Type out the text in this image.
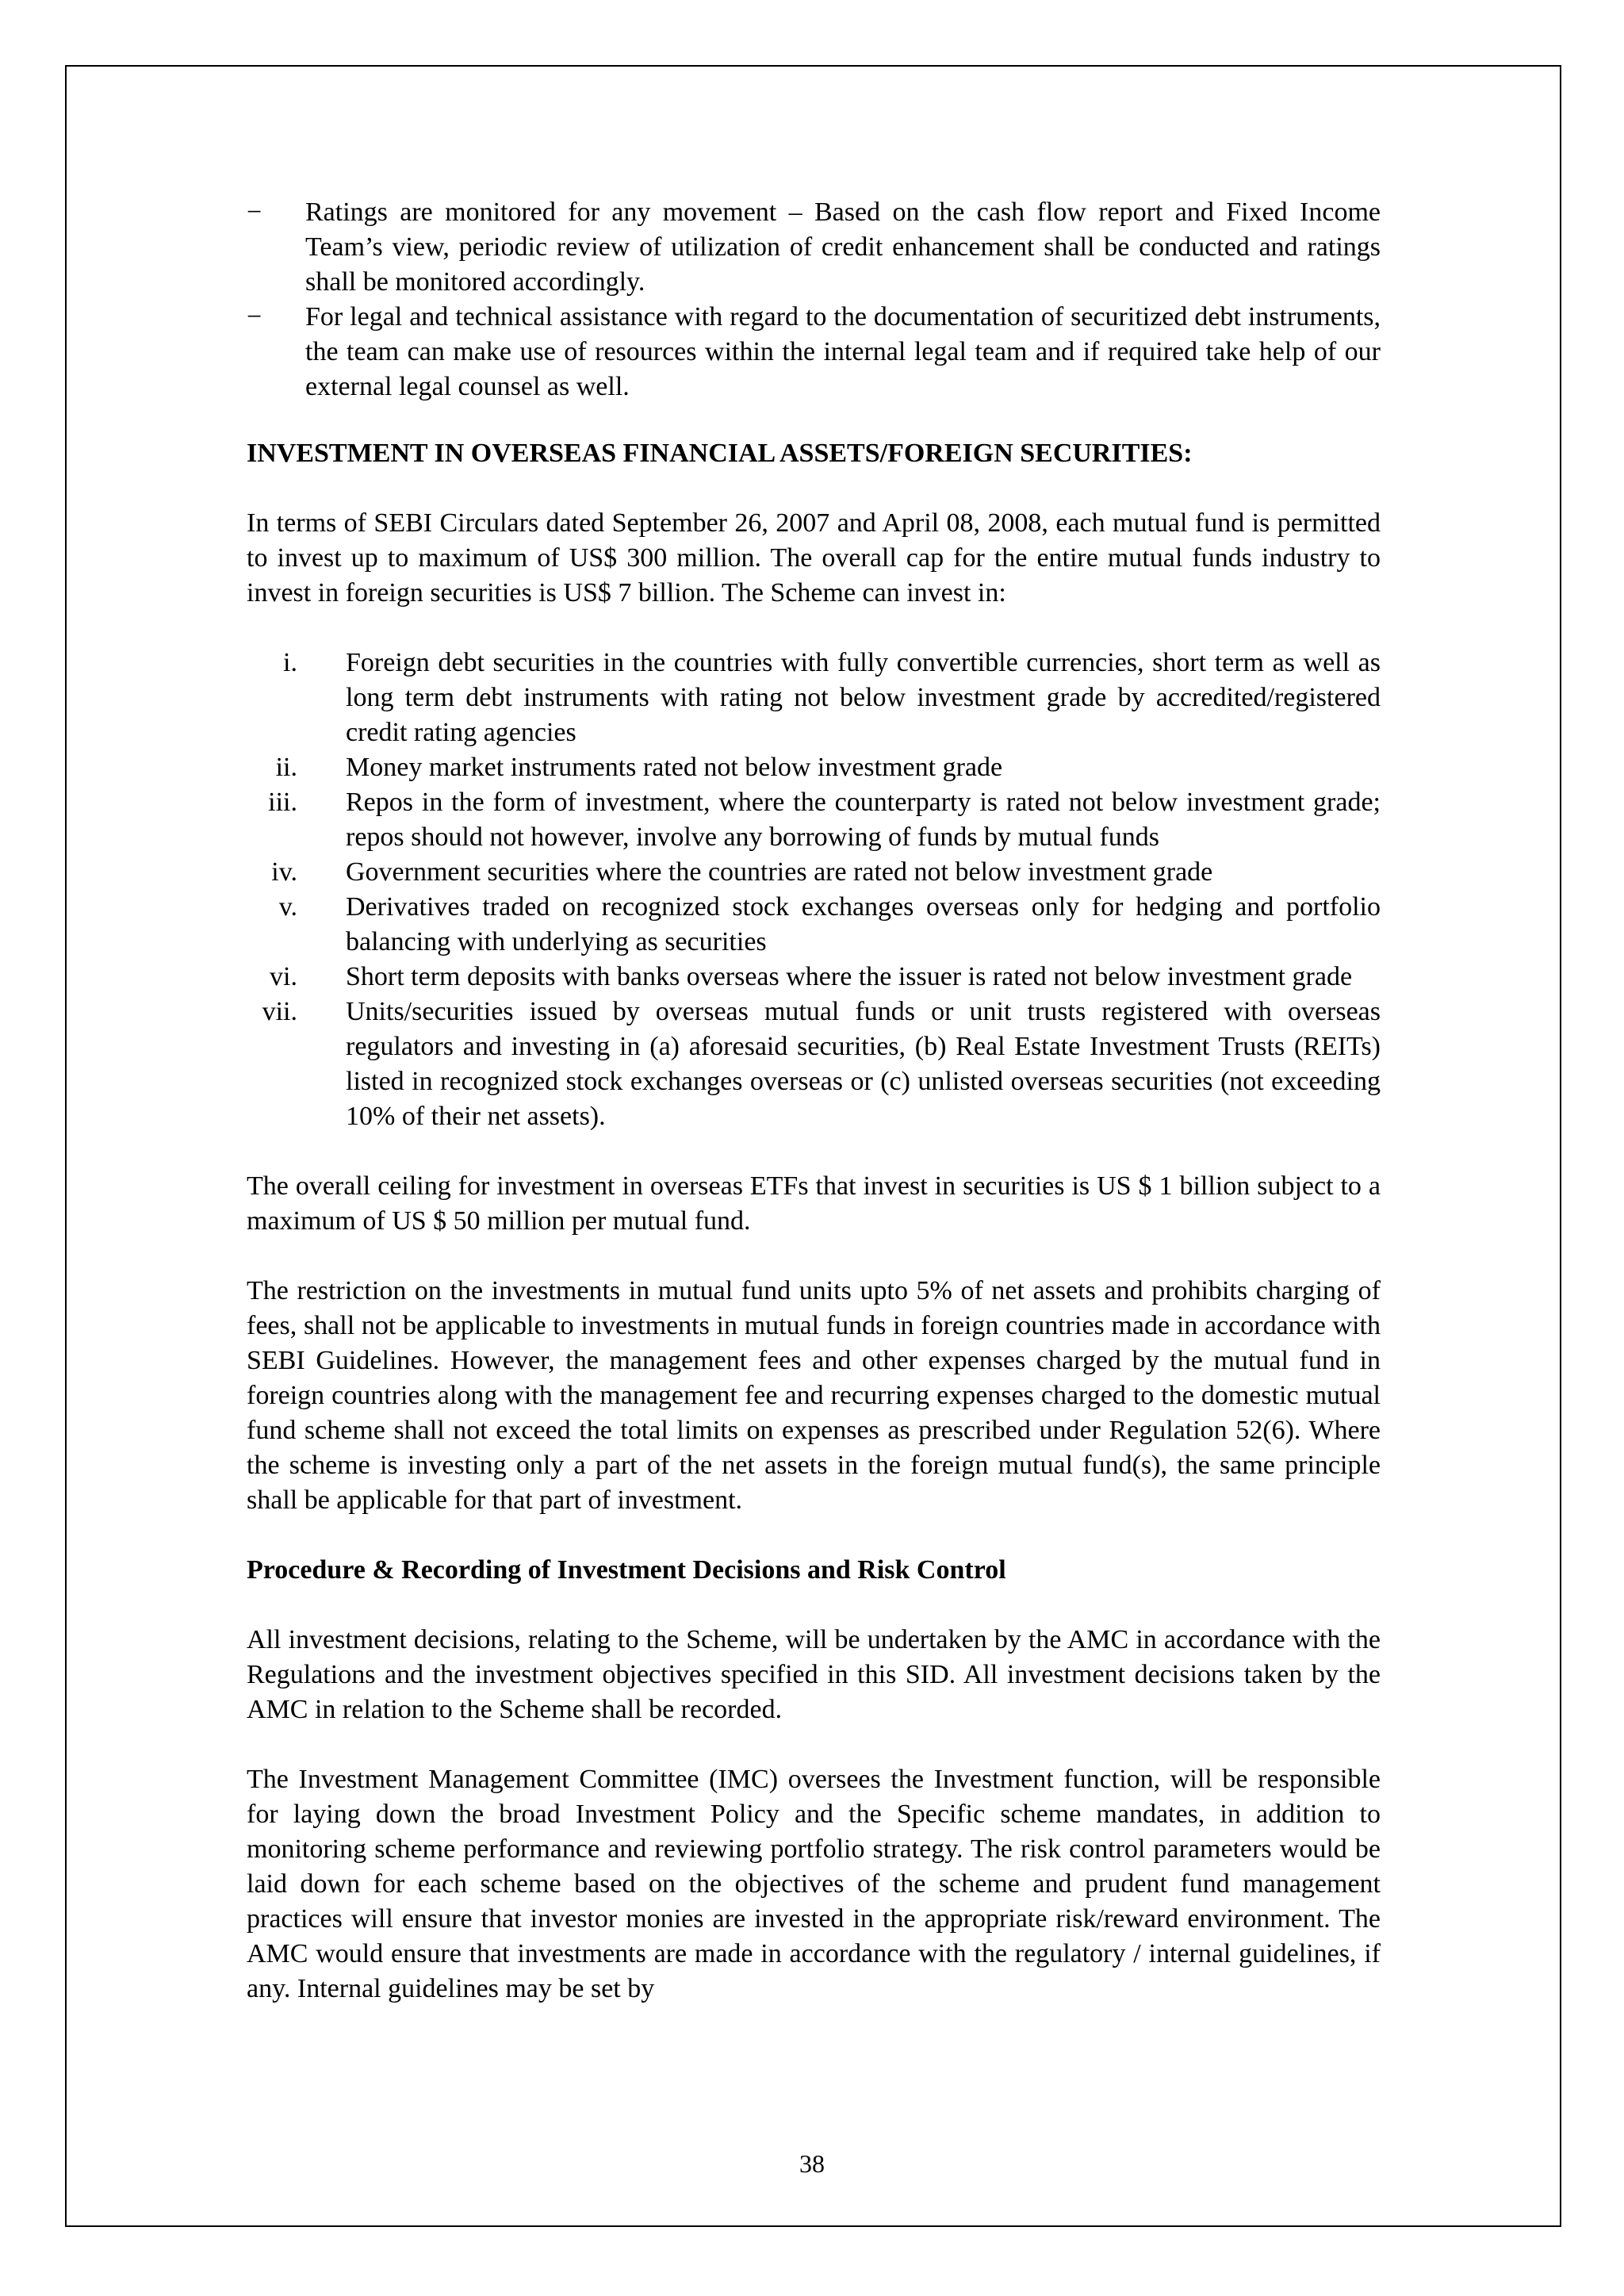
−	Ratings are monitored for any movement – Based on the cash flow report and Fixed Income Team’s view, periodic review of utilization of credit enhancement shall be conducted and ratings shall be monitored accordingly.
−	For legal and technical assistance with regard to the documentation of securitized debt instruments, the team can make use of resources within the internal legal team and if required take help of our external legal counsel as well.
INVESTMENT IN OVERSEAS FINANCIAL ASSETS/FOREIGN SECURITIES:

In terms of SEBI Circulars dated September 26, 2007 and April 08, 2008, each mutual fund is permitted to invest up to maximum of US$ 300 million. The overall cap for the entire mutual funds industry to invest in foreign securities is US$ 7 billion. The Scheme can invest in:

i. Foreign debt securities in the countries with fully convertible currencies, short term as well as long term debt instruments with rating not below investment grade by accredited/registered credit rating agencies
ii. Money market instruments rated not below investment grade
iii. Repos in the form of investment, where the counterparty is rated not below investment grade; repos should not however, involve any borrowing of funds by mutual funds
iv. Government securities where the countries are rated not below investment grade
v. Derivatives traded on recognized stock exchanges overseas only for hedging and portfolio balancing with underlying as securities
vi. Short term deposits with banks overseas where the issuer is rated not below investment grade
vii. Units/securities issued by overseas mutual funds or unit trusts registered with overseas regulators and investing in (a) aforesaid securities, (b) Real Estate Investment Trusts (REITs) listed in recognized stock exchanges overseas or (c) unlisted overseas securities (not exceeding 10% of their net assets).

The overall ceiling for investment in overseas ETFs that invest in securities is US $ 1 billion subject to a maximum of US $ 50 million per mutual fund.

The restriction on the investments in mutual fund units upto 5% of net assets and prohibits charging of fees, shall not be applicable to investments in mutual funds in foreign countries made in accordance with SEBI Guidelines. However, the management fees and other expenses charged by the mutual fund in foreign countries along with the management fee and recurring expenses charged to the domestic mutual fund scheme shall not exceed the total limits on expenses as prescribed under Regulation 52(6). Where the scheme is investing only a part of the net assets in the foreign mutual fund(s), the same principle shall be applicable for that part of investment.

Procedure & Recording of Investment Decisions and Risk Control

All investment decisions, relating to the Scheme, will be undertaken by the AMC in accordance with the Regulations and the investment objectives specified in this SID. All investment decisions taken by the AMC in relation to the Scheme shall be recorded.

The Investment Management Committee (IMC) oversees the Investment function, will be responsible for laying down the broad Investment Policy and the Specific scheme mandates, in addition to monitoring scheme performance and reviewing portfolio strategy. The risk control parameters would be laid down for each scheme based on the objectives of the scheme and prudent fund management practices will ensure that investor monies are invested in the appropriate risk/reward environment. The AMC would ensure that investments are made in accordance with the regulatory / internal guidelines, if any. Internal guidelines may be set by

38
